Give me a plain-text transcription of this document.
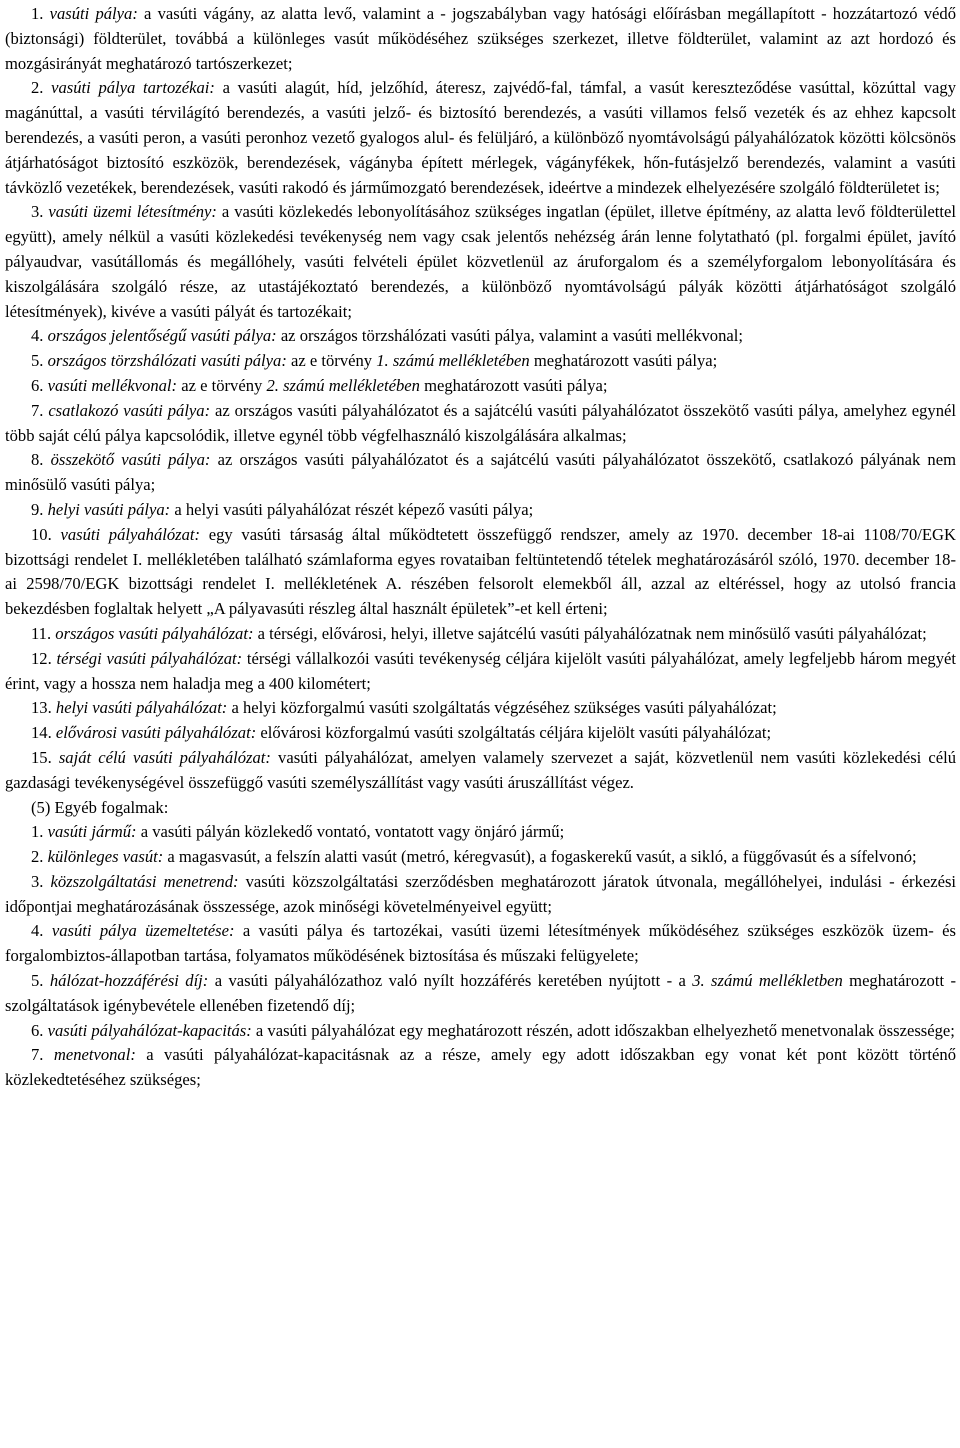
1. vasúti pálya: a vasúti vágány, az alatta levő, valamint a - jogszabályban vagy hatósági előírásban megállapított - hozzátartozó védő (biztonsági) földterület, továbbá a különleges vasút működéséhez szükséges szerkezet, illetve földterület, valamint az azt hordozó és mozgásirányát meghatározó tartószerkezet;

2. vasúti pálya tartozékai: a vasúti alagút, híd, jelzőhíd, áteresz, zajvédő-fal, támfal, a vasút kereszteződése vasúttal, közúttal vagy magánúttal, a vasúti térvilágító berendezés, a vasúti jelző- és biztosító berendezés, a vasúti villamos felső vezeték és az ehhez kapcsolt berendezés, a vasúti peron, a vasúti peronhoz vezető gyalogos alul- és felüljáró, a különböző nyomtávolságú pályahálózatok közötti kölcsönös átjárhatóságot biztosító eszközök, berendezések, vágányba épített mérlegek, vágányfékek, hőn-futásjelző berendezés, valamint a vasúti távközlő vezetékek, berendezések, vasúti rakodó és járműmozgató berendezések, ideértve a mindezek elhelyezésére szolgáló földterületet is;

3. vasúti üzemi létesítmény: a vasúti közlekedés lebonyolításához szükséges ingatlan (épület, illetve építmény, az alatta levő földterülettel együtt), amely nélkül a vasúti közlekedési tevékenység nem vagy csak jelentős nehézség árán lenne folytatható (pl. forgalmi épület, javító pályaudvar, vasútállomás és megállóhely, vasúti felvételi épület közvetlenül az áruforgalom és a személyforgalom lebonyolítására és kiszolgálására szolgáló része, az utastájékoztató berendezés, a különböző nyomtávolságú pályák közötti átjárhatóságot szolgáló létesítmények), kivéve a vasúti pályát és tartozékait;

4. országos jelentőségű vasúti pálya: az országos törzshálózati vasúti pálya, valamint a vasúti mellékvonal;

5. országos törzshálózati vasúti pálya: az e törvény 1. számú mellékletében meghatározott vasúti pálya;

6. vasúti mellékvonal: az e törvény 2. számú mellékletében meghatározott vasúti pálya;

7. csatlakozó vasúti pálya: az országos vasúti pályahálózatot és a sajátcélú vasúti pályahálózatot összekötő vasúti pálya, amelyhez egynél több saját célú pálya kapcsolódik, illetve egynél több végfelhasználó kiszolgálására alkalmas;

8. összekötő vasúti pálya: az országos vasúti pályahálózatot és a sajátcélú vasúti pályahálózatot összekötő, csatlakozó pályának nem minősülő vasúti pálya;

9. helyi vasúti pálya: a helyi vasúti pályahálózat részét képező vasúti pálya;

10. vasúti pályahálózat: egy vasúti társaság által működtetett összefüggő rendszer, amely az 1970. december 18-ai 1108/70/EGK bizottsági rendelet I. mellékletében található számlaforma egyes rovataiban feltüntetendő tételek meghatározásáról szóló, 1970. december 18-ai 2598/70/EGK bizottsági rendelet I. mellékletének A. részében felsorolt elemekből áll, azzal az eltéréssel, hogy az utolsó francia bekezdésben foglaltak helyett „A pályavasúti részleg által használt épületek”-et kell érteni;

11. országos vasúti pályahálózat: a térségi, elővárosi, helyi, illetve sajátcélú vasúti pályahálózatnak nem minősülő vasúti pályahálózat;

12. térségi vasúti pályahálózat: térségi vállalkozói vasúti tevékenység céljára kijelölt vasúti pályahálózat, amely legfeljebb három megyét érint, vagy a hossza nem haladja meg a 400 kilométert;

13. helyi vasúti pályahálózat: a helyi közforgalmú vasúti szolgáltatás végzéséhez szükséges vasúti pályahálózat;

14. elővárosi vasúti pályahálózat: elővárosi közforgalmú vasúti szolgáltatás céljára kijelölt vasúti pályahálózat;

15. saját célú vasúti pályahálózat: vasúti pályahálózat, amelyen valamely szervezet a saját, közvetlenül nem vasúti közlekedési célú gazdasági tevékenységével összefüggő vasúti személyszállítást vagy vasúti áruszállítást végez.

(5) Egyéb fogalmak:

1. vasúti jármű: a vasúti pályán közlekedő vontató, vontatott vagy önjáró jármű;

2. különleges vasút: a magasvasút, a felszín alatti vasút (metró, kéregvasút), a fogaskerekű vasút, a sikló, a függővasút és a sífelvonó;

3. közszolgáltatási menetrend: vasúti közszolgáltatási szerződésben meghatározott járatok útvonala, megállóhelyei, indulási - érkezési időpontjai meghatározásának összessége, azok minőségi követelményeivel együtt;

4. vasúti pálya üzemeltetése: a vasúti pálya és tartozékai, vasúti üzemi létesítmények működéséhez szükséges eszközök üzem- és forgalombiztos-állapotban tartása, folyamatos működésének biztosítása és műszaki felügyelete;

5. hálózat-hozzáférési díj: a vasúti pályahálózathoz való nyílt hozzáférés keretében nyújtott - a 3. számú mellékletben meghatározott - szolgáltatások igénybevétele ellenében fizetendő díj;

6. vasúti pályahálózat-kapacitás: a vasúti pályahálózat egy meghatározott részén, adott időszakban elhelyezhető menetvonalak összessége;

7. menetvonal: a vasúti pályahálózat-kapacitásnak az a része, amely egy adott időszakban egy vonat két pont között történő közlekedtetéséhez szükséges;
